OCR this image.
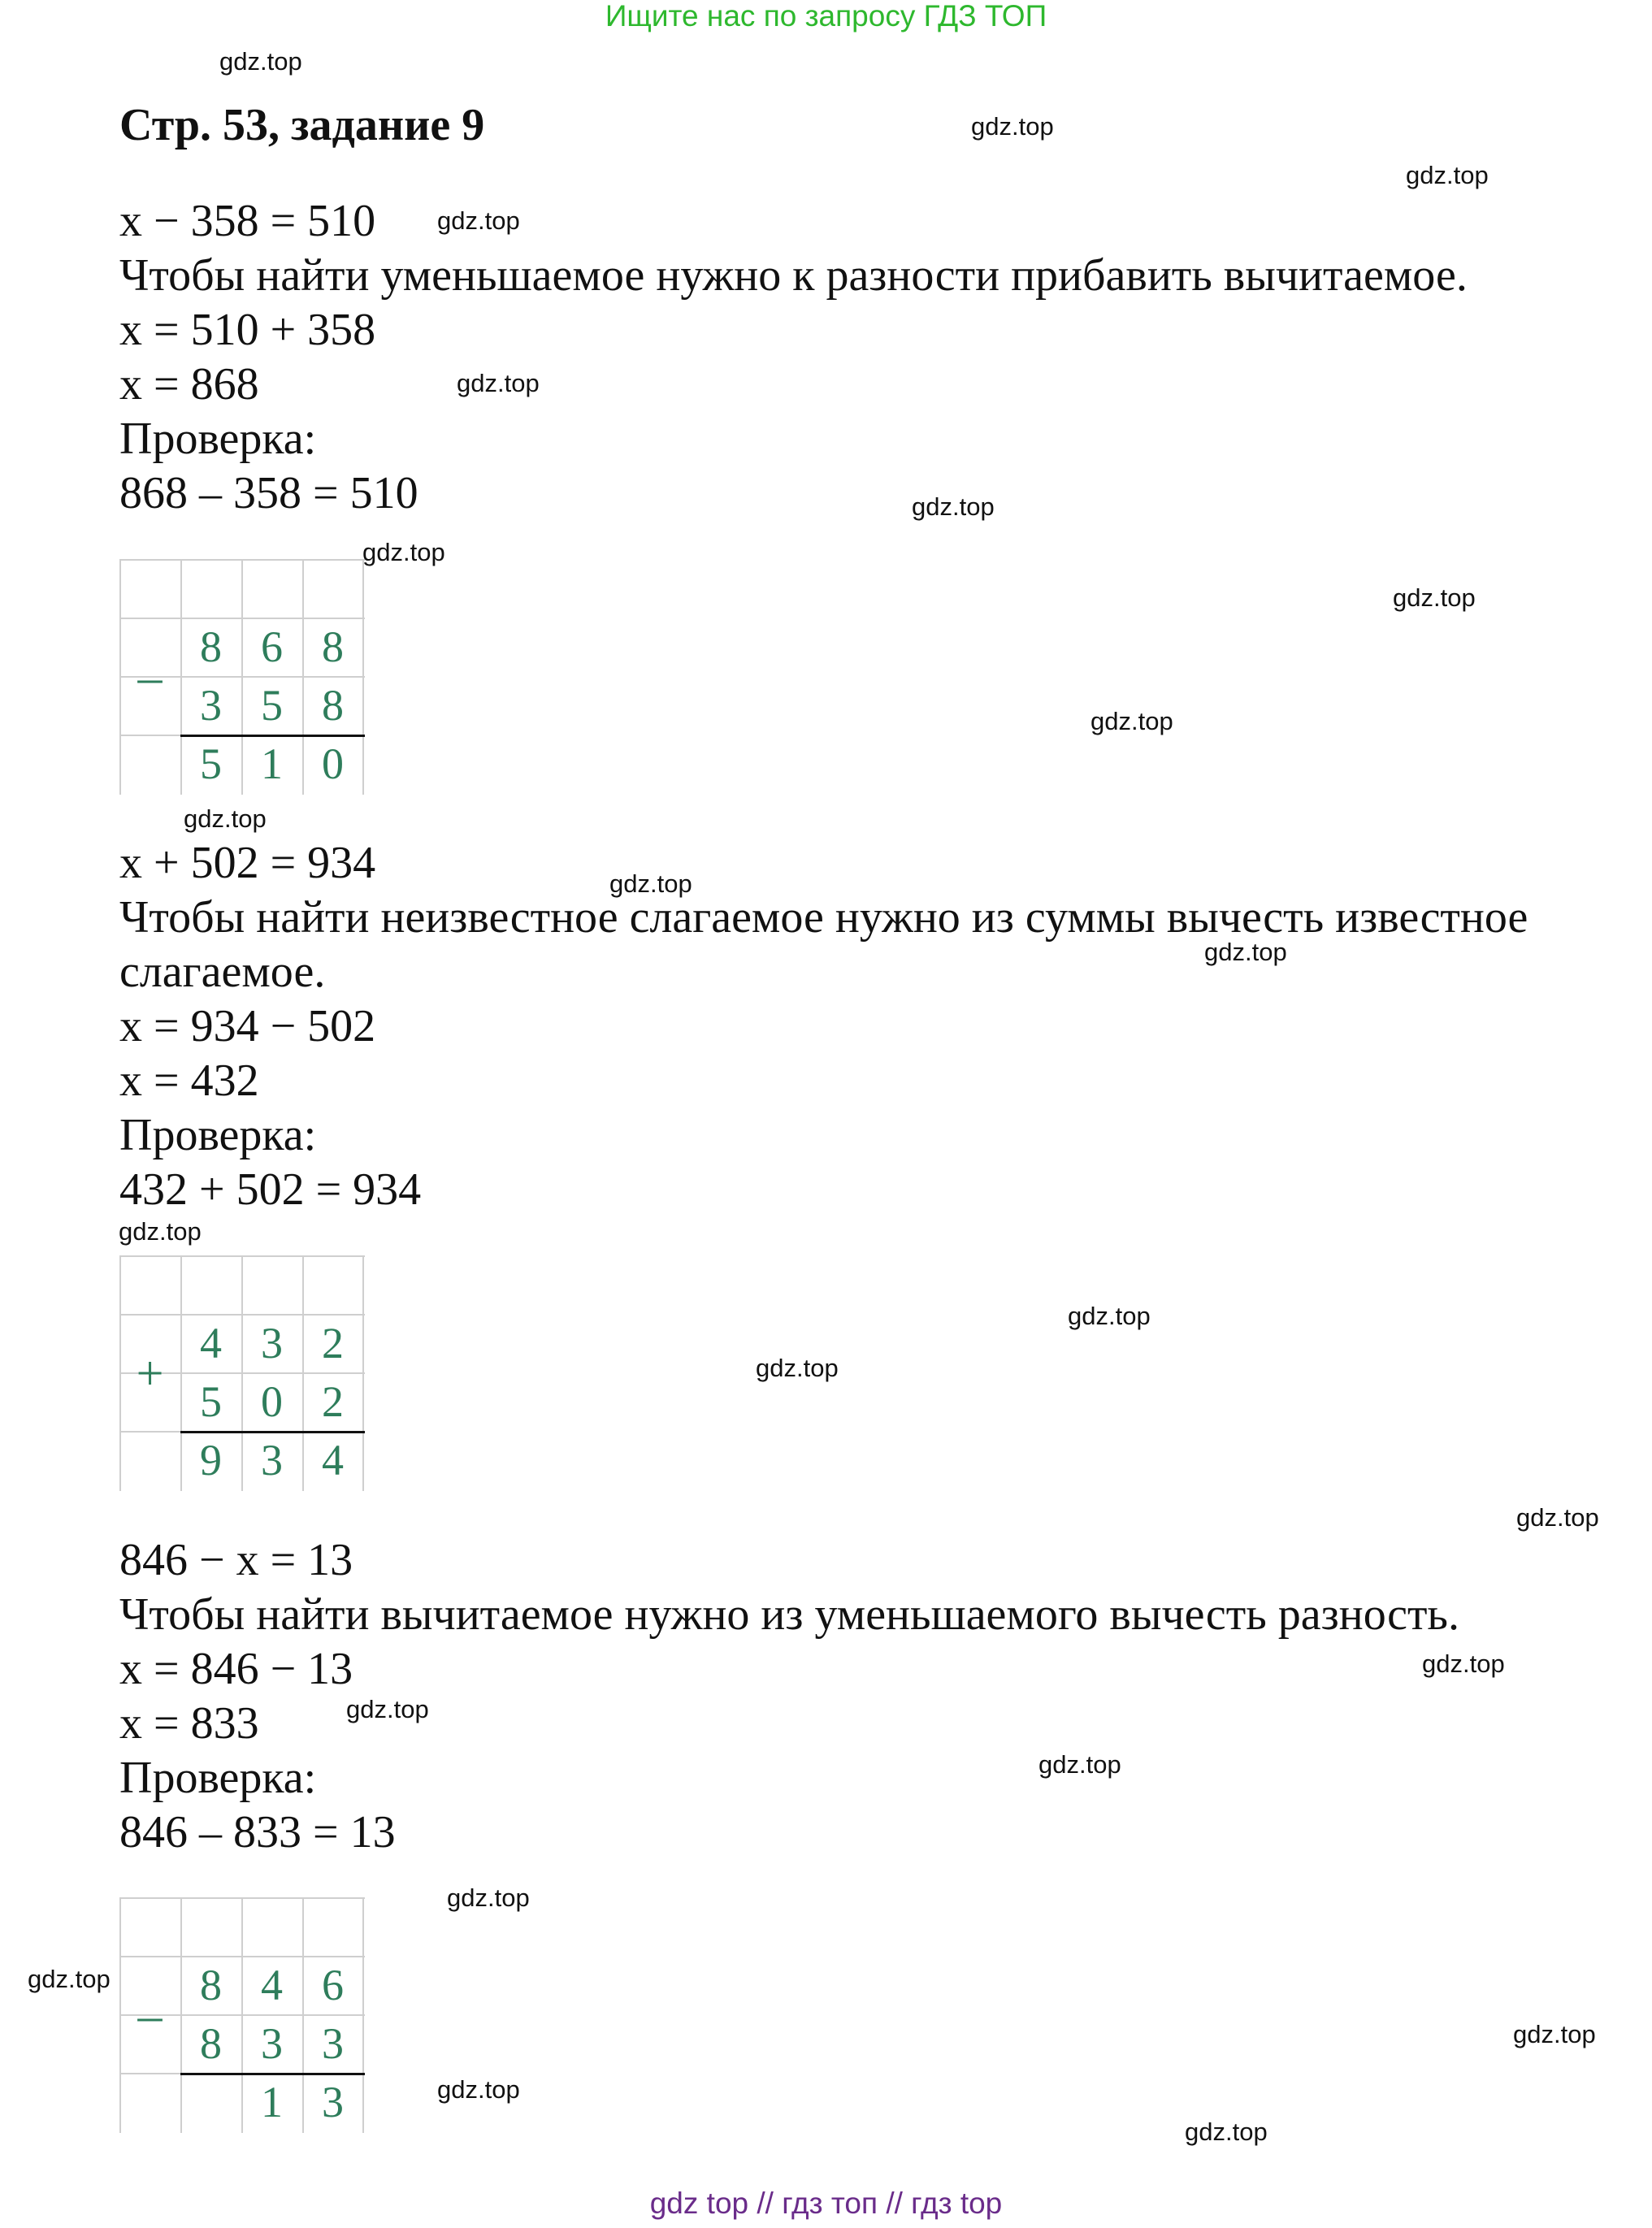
Ищите нас по запросу ГДЗ ТОП
Стр. 53, задание 9
x − 358 = 510
Чтобы найти уменьшаемое нужно к разности прибавить вычитаемое.
x = 510 + 358
x = 868
Проверка:
868 – 358 = 510
–
8 6 8
3 5 8
5 1 0
x + 502 = 934
Чтобы найти неизвестное слагаемое нужно из суммы вычесть известное
слагаемое.
x = 934 − 502
x = 432
Проверка:
432 + 502 = 934
+
4 3 2
5 0 2
9 3 4
846 − x = 13
Чтобы найти вычитаемое нужно из уменьшаемого вычесть разность.
x = 846 − 13
x = 833
Проверка:
846 – 833 = 13
–
8 4 6
8 3 3
1 3
gdz.top
gdz.top
gdz.top
gdz.top
gdz.top
gdz.top
gdz.top
gdz.top
gdz.top
gdz.top
gdz.top
gdz.top
gdz.top
gdz.top
gdz.top
gdz.top
gdz.top
gdz.top
gdz.top
gdz.top
gdz.top
gdz.top
gdz.top
gdz.top
gdz top // гдз топ // гдз top
